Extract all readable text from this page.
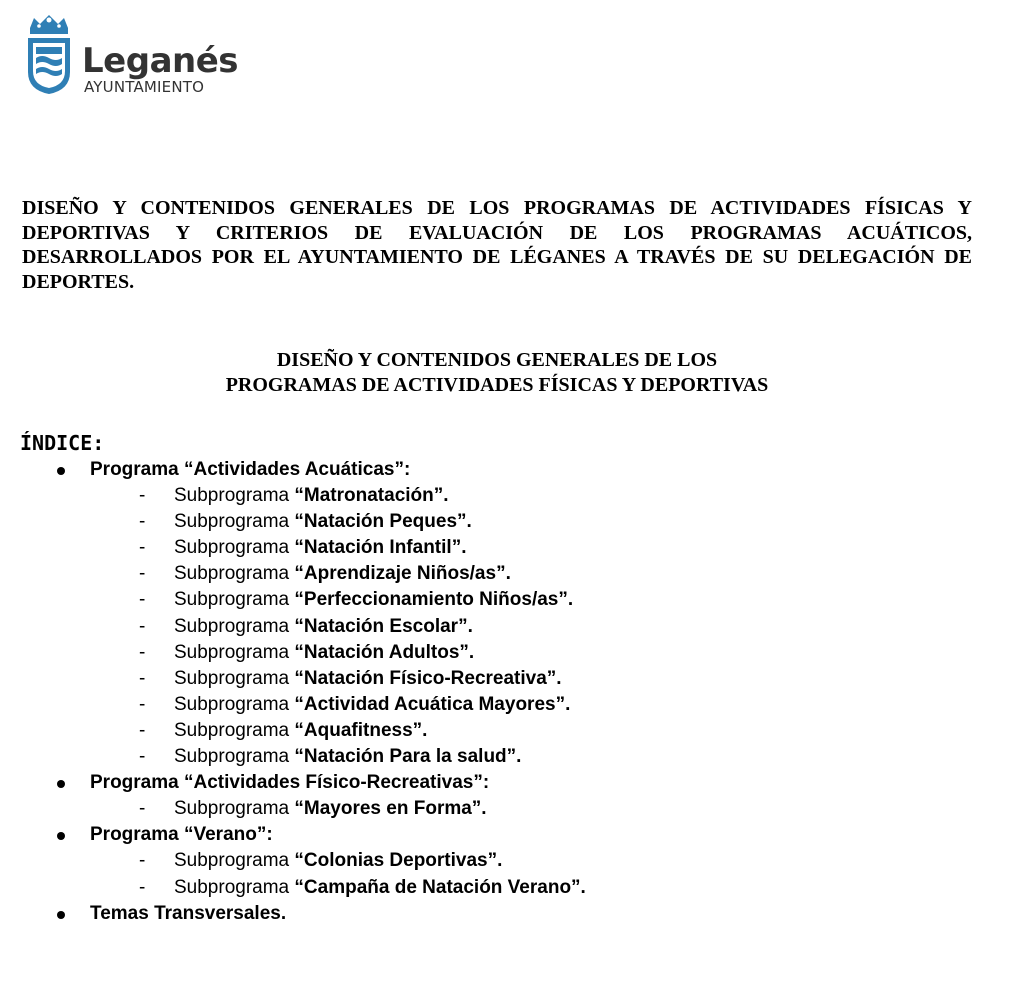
Leganés
AYUNTAMIENTO

DISEÑO Y CONTENIDOS GENERALES DE LOS PROGRAMAS DE ACTIVIDADES FÍSICAS Y DEPORTIVAS Y CRITERIOS DE EVALUACIÓN DE LOS PROGRAMAS ACUÁTICOS, DESARROLLADOS POR EL AYUNTAMIENTO DE LÉGANES A TRAVÉS DE SU DELEGACIÓN DE DEPORTES.

DISEÑO Y CONTENIDOS GENERALES DE LOS
PROGRAMAS DE ACTIVIDADES FÍSICAS Y DEPORTIVAS
ÍNDICE:
Programa “Actividades Acuáticas”:
- Subprograma “Matronatación”.
- Subprograma “Natación Peques”.
- Subprograma “Natación Infantil”.
- Subprograma “Aprendizaje Niños/as”.
- Subprograma “Perfeccionamiento Niños/as”.
- Subprograma “Natación Escolar”.
- Subprograma “Natación Adultos”.
- Subprograma “Natación Físico-Recreativa”.
- Subprograma “Actividad Acuática Mayores”.
- Subprograma “Aquafitness”.
- Subprograma “Natación Para la salud”.
Programa “Actividades Físico-Recreativas”:
- Subprograma “Mayores en Forma”.
Programa “Verano”:
- Subprograma “Colonias Deportivas”.
- Subprograma “Campaña de Natación Verano”.
Temas Transversales.
